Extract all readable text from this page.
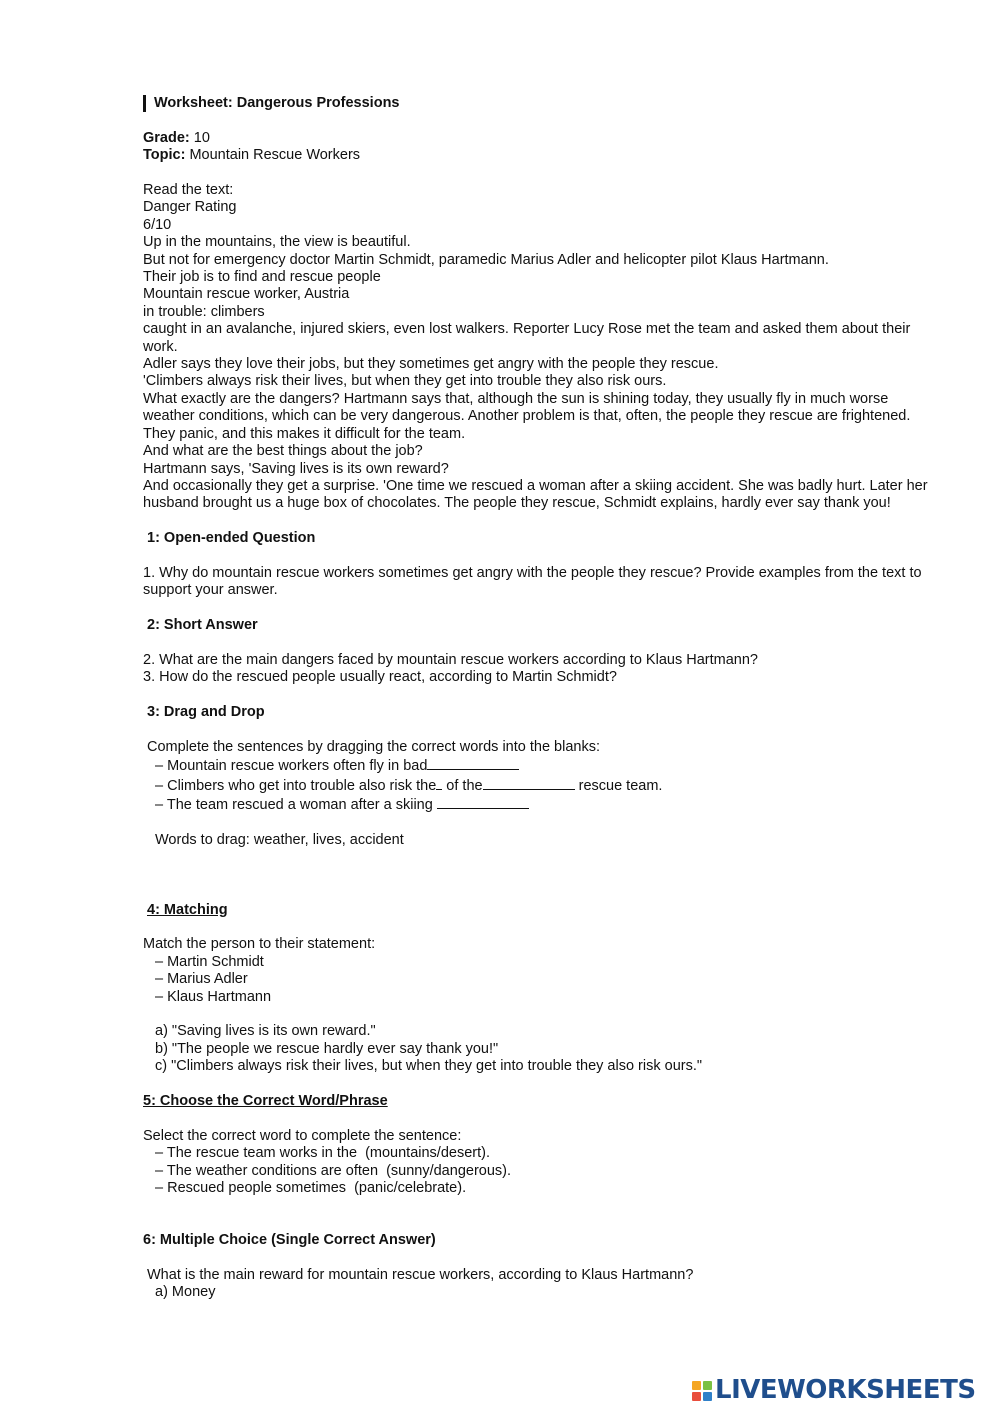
Worksheet: Dangerous Professions
Grade: 10
Topic: Mountain Rescue Workers
Read the text:
Danger Rating
6/10
Up in the mountains, the view is beautiful.
But not for emergency doctor Martin Schmidt, paramedic Marius Adler and helicopter pilot Klaus Hartmann.
Their job is to find and rescue people
Mountain rescue worker, Austria
in trouble: climbers
caught in an avalanche, injured skiers, even lost walkers. Reporter Lucy Rose met the team and asked them about their work.
Adler says they love their jobs, but they sometimes get angry with the people they rescue.
'Climbers always risk their lives, but when they get into trouble they also risk ours.
What exactly are the dangers? Hartmann says that, although the sun is shining today, they usually fly in much worse weather conditions, which can be very dangerous. Another problem is that, often, the people they rescue are frightened. They panic, and this makes it difficult for the team.
And what are the best things about the job?
Hartmann says, 'Saving lives is its own reward?
And occasionally they get a surprise. 'One time we rescued a woman after a skiing accident. She was badly hurt. Later her husband brought us a huge box of chocolates. The people they rescue, Schmidt explains, hardly ever say thank you!
1: Open-ended Question
1. Why do mountain rescue workers sometimes get angry with the people they rescue? Provide examples from the text to support your answer.
2: Short Answer
2. What are the main dangers faced by mountain rescue workers according to Klaus Hartmann?
3. How do the rescued people usually react, according to Martin Schmidt?
3: Drag and Drop
Complete the sentences by dragging the correct words into the blanks:
– Mountain rescue workers often fly in bad
– Climbers who get into trouble also risk the of the	rescue team.
– The team rescued a woman after a skiing
Words to drag: weather, lives, accident
4: Matching
Match the person to their statement:
– Martin Schmidt
– Marius Adler
– Klaus Hartmann
a) "Saving lives is its own reward."
b) "The people we rescue hardly ever say thank you!"
c) "Climbers always risk their lives, but when they get into trouble they also risk ours."
5: Choose the Correct Word/Phrase
Select the correct word to complete the sentence:
– The rescue team works in the  (mountains/desert).
– The weather conditions are often  (sunny/dangerous).
– Rescued people sometimes  (panic/celebrate).
6: Multiple Choice (Single Correct Answer)
What is the main reward for mountain rescue workers, according to Klaus Hartmann?
a) Money
LIVEWORKSHEETS
